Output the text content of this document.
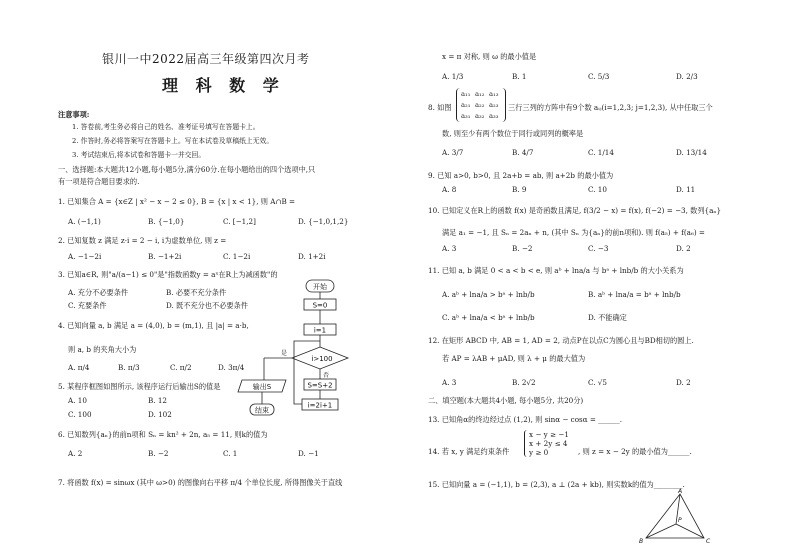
银川一中2022届高三年级第四次月考
理 科 数 学
注意事项:
1. 答卷前,考生务必将自己的姓名、准考证号填写在答题卡上。
2. 作答时,务必将答案写在答题卡上。写在本试卷及草稿纸上无效。
3. 考试结束后,将本试卷和答题卡一并交回。
一、选择题:本大题共12小题,每小题5分,满分60分.在每小题给出的四个选项中,只
有一项是符合题目要求的.
1. 已知集合 A = {x∈Z | x² − x − 2 ≤ 0}, B = {x | x < 1}, 则 A∩B =
A. (−1,1)	B. {−1,0}	C. [−1,2]	D. {−1,0,1,2}
2. 已知复数 z 满足 z·i = 2 − i, i为虚数单位, 则 z =
A. −1−2i	B. −1+2i	C. 1−2i	D. 1+2i
3. 已知a∈R, 则"a/(a−1) ≤ 0"是"指数函数y = aˣ在R上为减函数"的
A. 充分不必要条件	B. 必要不充分条件
C. 充要条件	D. 既不充分也不必要条件
4. 已知向量 a, b 满足 a = (4,0), b = (m,1), 且 |a| = a·b,
则 a, b 的夹角大小为
A. π/4	B. π/3	C. π/2	D. 3π/4
5. 某程序框图如图所示, 该程序运行后输出S的值是
A. 10	B. 12
C. 100	D. 102
6. 已知数列{aₙ}的前n项和 Sₙ = kn² + 2n, a₅ = 11, 则k的值为
A. 2	B. −2	C. 1	D. −1
7. 将函数 f(x) = sinωx (其中 ω>0) 的图像向右平移 π/4 个单位长度, 所得图像关于直线
开始
S=0
i=1
i>100
是
否
输出S	S=S+2
i=2i+1
结束
x = π 对称, 则 ω 的最小值是
A. 1/3	B. 1	C. 5/3	D. 2/3
8. 如图
a₁₁ a₁₂ a₁₃
a₂₁ a₂₂ a₂₃
a₃₁ a₃₂ a₃₃
三行三列的方阵中有9个数 aᵢⱼ(i=1,2,3; j=1,2,3), 从中任取三个
数, 则至少有两个数位于同行或同列的概率是
A. 3/7	B. 4/7	C. 1/14	D. 13/14
9. 已知 a>0, b>0, 且 2a+b = ab, 则 a+2b 的最小值为
A. 8	B. 9	C. 10	D. 11
10. 已知定义在R上的函数 f(x) 是奇函数且满足, f(3/2 − x) = f(x), f(−2) = −3, 数列{aₙ}
满足 a₁ = −1, 且 Sₙ = 2aₙ + n, (其中 Sₙ 为{aₙ}的前n项和). 则 f(a₅) + f(a₆) =
A. 3	B. −2	C. −3	D. 2
11. 已知 a, b 满足 0 < a < b < e, 则 aᵇ + lna/a 与 bᵃ + lnb/b 的大小关系为
A. aᵇ + lna/a > bᵃ + lnb/b	B. aᵇ + lna/a = bᵃ + lnb/b
C. aᵇ + lna/a < bᵃ + lnb/b	D. 不能确定
12. 在矩形 ABCD 中, AB = 1, AD = 2, 动点P在以点C为圆心且与BD相切的圆上.
若 AP = λAB + μAD, 则 λ + μ 的最大值为
A. 3	B. 2√2	C. √5	D. 2
二、填空题(本大题共4小题, 每小题5分, 共20分)
13. 已知角α的终边经过点 (1,2), 则 sinα − cosα = ______.
14. 若 x, y 满足约束条件
x − y ≥ −1
x + 2y ≤ 4
y ≥ 0	, 则 z = x − 2y 的最小值为______.
15. 已知向量 a = (−1,1), b = (2,3), a ⊥ (2a + kb), 则实数k的值为________.
A
B	C
P
